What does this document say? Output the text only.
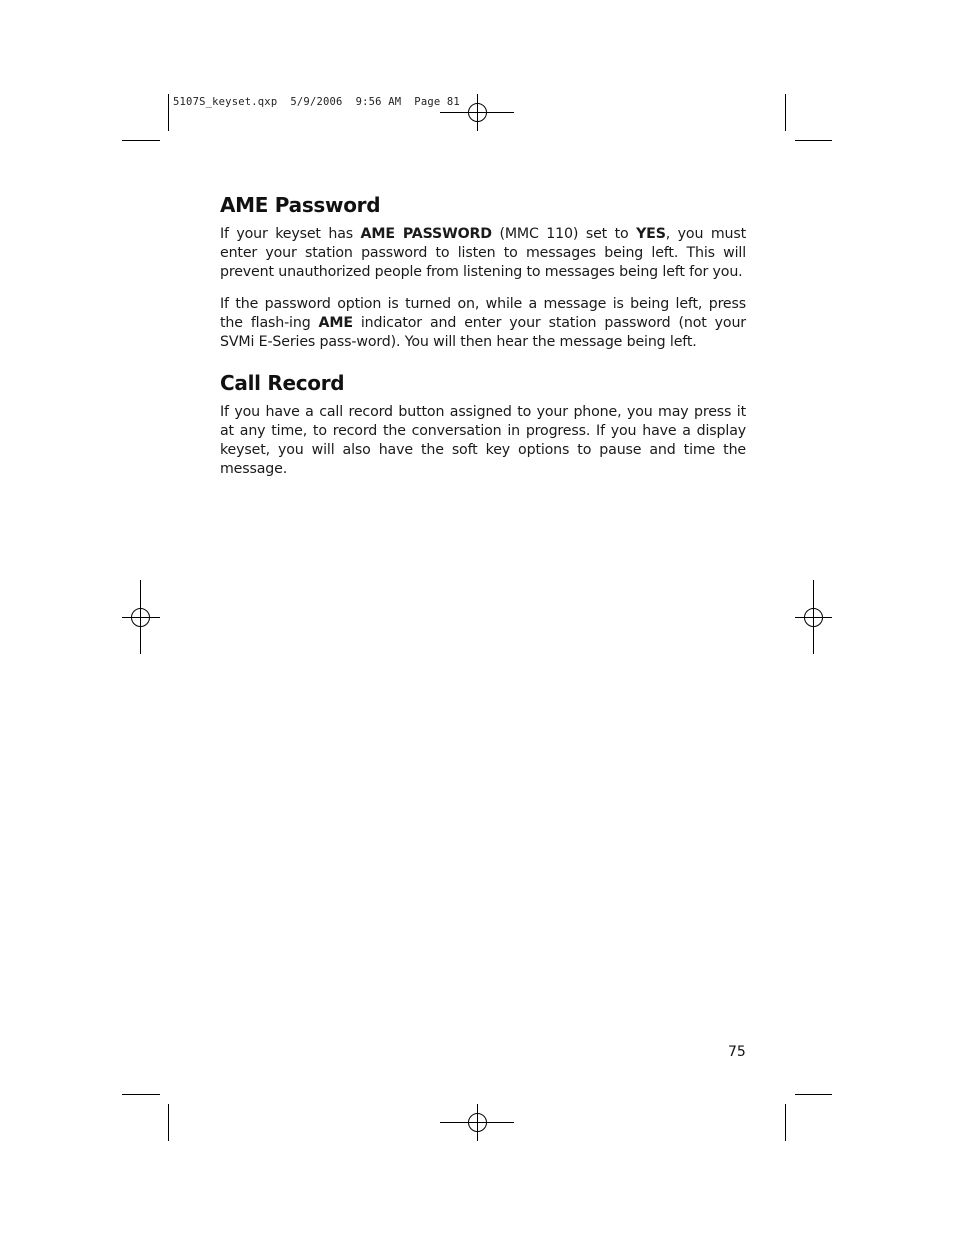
5107S_keyset.qxp  5/9/2006  9:56 AM  Page 81
AME Password

If your keyset has AME PASSWORD (MMC 110) set to YES, you must enter your station password to listen to messages being left. This will prevent unauthorized people from listening to messages being left for you.

If the password option is turned on, while a message is being left, press the flash-ing AME indicator and enter your station password (not your SVMi E-Series pass-word). You will then hear the message being left.

Call Record

If you have a call record button assigned to your phone, you may press it at any time, to record the conversation in progress. If you have a display keyset, you will also have the soft key options to pause and time the message.

75
